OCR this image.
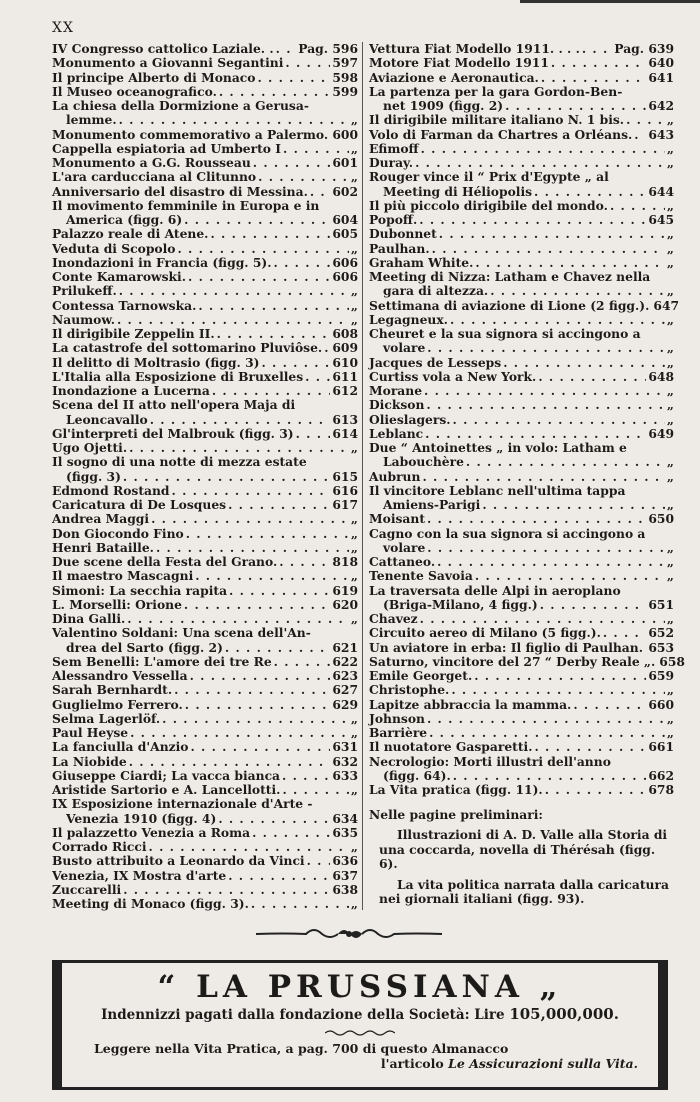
XX
IV Congresso cattolico Laziale. . . . . Pag. 596
Monumento a Giovanni Segantini . . .	597
Il principe Alberto di Monaco . . .	598
Il Museo oceanografico. . . .	599
La chiesa della Dormizione a Gerusa-
lemme. . . .	„
Monumento commemorativo a Palermo. . . . 600
Cappella espiatoria ad Umberto I . . .	„
Monumento a G.G. Rousseau . . .	601
L'ara carducciana al Clitunno . . .	„
Anniversario del disastro di Messina. . . . 602
Il movimento femminile in Europa e in
America (figg. 6) . . .	604
Palazzo reale di Atene. . . .	605
Veduta di Scopolo . . .	„
Inondazioni in Francia (figg. 5). . . .	606
Conte Kamarowski. . . .	606
Prilukeff. . . .	„
Contessa Tarnowska. . . .	„
Naumow. . . .	„
Il dirigibile Zeppelin II. . . .	608
La catastrofe del sottomarino Pluviôse. . . . 609
Il delitto di Moltrasio (figg. 3) . . .	610
L'Italia alla Esposizione di Bruxelles . . . 611
Inondazione a Lucerna . . .	612
Scena del II atto nell'opera Maja di
Leoncavallo . . .	613
Gl'interpreti del Malbrouk (figg. 3) . . .	614
Ugo Ojetti. . . .	„
Il sogno di una notte di mezza estate
(figg. 3) . . .	615
Edmond Rostand . . .	616
Caricatura di De Losques . . .	617
Andrea Maggi . . .	„
Don Giocondo Fino . . .	„
Henri Bataille. . . .	„
Due scene della Festa del Grano. . . .	818
Il maestro Mascagni . . .	„
Simoni: La secchia rapita . . .	619
L. Morselli: Orione . . .	620
Dina Galli. . . .	„
Valentino Soldani: Una scena dell'An-
drea del Sarto (figg. 2) . . .	621
Sem Benelli: L'amore dei tre Re . . .	622
Alessandro Vessella . . .	623
Sarah Bernhardt. . . .	627
Guglielmo Ferrero. . . .	629
Selma Lagerlöf. . . .	„
Paul Heyse . . .	„
La fanciulla d'Anzio . . .	631
La Niobide . . .	632
Giuseppe Ciardi; La vacca bianca . . .	633
Aristide Sartorio e A. Lancellotti. . . .	„
IX Esposizione internazionale d'Arte -
Venezia 1910 (figg. 4) . . .	634
Il palazzetto Venezia a Roma . . .	635
Corrado Ricci . . .	„
Busto attribuito a Leonardo da Vinci . . . 636
Venezia, IX Mostra d'arte . . .	637
Zuccarelli . . .	638
Meeting di Monaco (figg. 3). . . .	„
Vettura Fiat Modello 1911. . . . . . .	Pag. 639
Motore Fiat Modello 1911 . . .	640
Aviazione e Aeronautica. . . .	641
La partenza per la gara Gordon-Ben-
net 1909 (figg. 2) . . .	642
Il dirigibile militare italiano N. 1 bis. . . .	„
Volo di Farman da Chartres a Orléans. . . . 643
Efimoff . . .	„
Duray. . . .	„
Rouger vince il “ Prix d'Egypte „ al
Meeting di Héliopolis . . .	644
Il più piccolo dirigibile del mondo. . . .	„
Popoff. . . .	645
Dubonnet . . .	„
Paulhan. . . .	„
Graham White. . . .	„
Meeting di Nizza: Latham e Chavez nella
gara di altezza. . . .	„
Settimana di aviazione di Lione (2 figg.). 647
Legagneux. . . .	„
Cheuret e la sua signora si accingono a
volare . . .	„
Jacques de Lesseps . . .	„
Curtiss vola a New York. . . .	648
Morane . . .	„
Dickson . . .	„
Olieslagers. . . .	„
Leblanc . . .	649
Due “ Antoinettes „ in volo: Latham e
Labouchère . . .	„
Aubrun . . .	„
Il vincitore Leblanc nell'ultima tappa
Amiens-Parigi . . .	„
Moisant . . .	650
Cagno con la sua signora si accingono a
volare . . .	„
Cattaneo. . . .	„
Tenente Savoia . . .	„
La traversata delle Alpi in aeroplano
(Briga-Milano, 4 figg.) . . .	651
Chavez . . .	„
Circuito aereo di Milano (5 figg.). . . .	652
Un aviatore in erba: Il figlio di Paulhan. . . . 653
Saturno, vincitore del 27 “ Derby Reale „. 658
Emile Georget. . . .	659
Christophe. . . .	„
Lapitze abbraccia la mamma. . . .	660
Johnson . . .	„
Barrière . . .	„
Il nuotatore Gasparetti. . . .	661
Necrologio: Morti illustri dell'anno
(figg. 64). . . .	662
La Vita pratica (figg. 11). . . .	678
Nelle pagine preliminari:
Illustrazioni di A. D. Valle alla Storia di una coccarda, novella di Thérésah (figg. 6).
La vita politica narrata dalla caricatura nei giornali italiani (figg. 93).
“ LA PRUSSIANA „
Indennizzi pagati dalla fondazione della Società: Lire 105,000,000.
Leggere nella Vita Pratica, a pag. 700 di questo Almanacco
l'articolo Le Assicurazioni sulla Vita.
